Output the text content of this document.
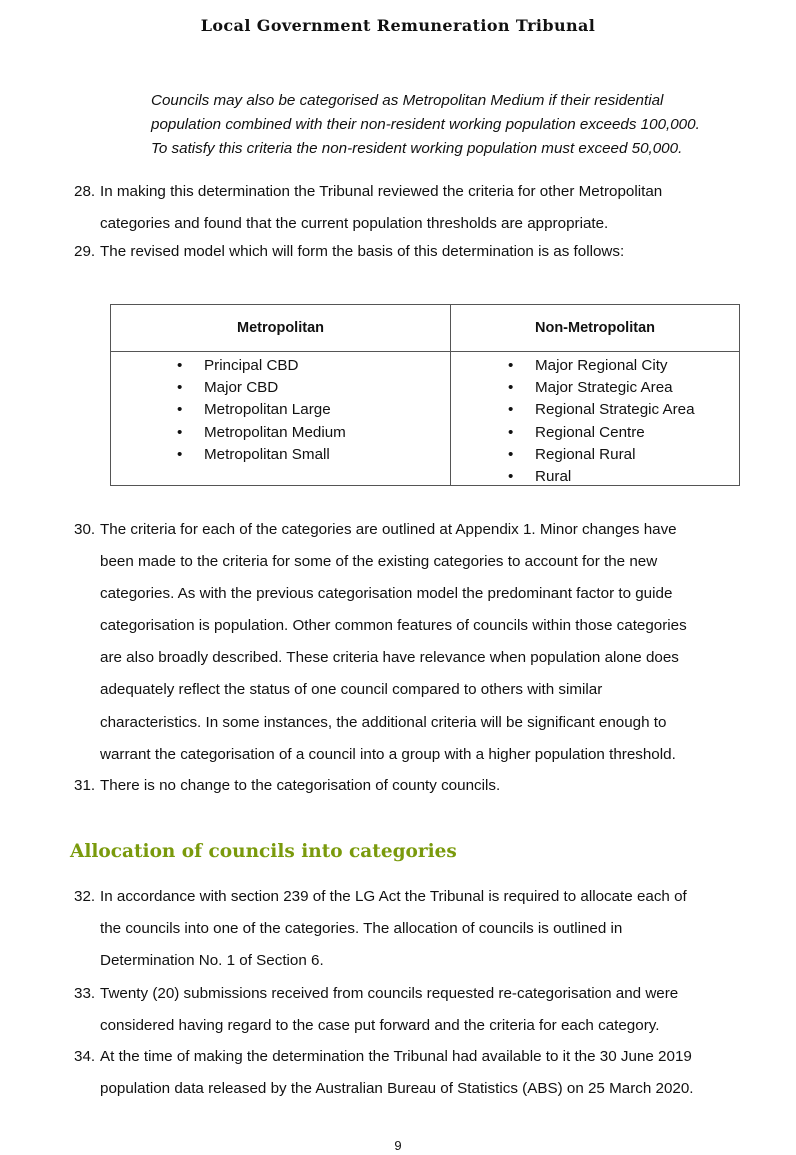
Local Government Remuneration Tribunal

Councils may also be categorised as Metropolitan Medium if their residential

population combined with their non-resident working population exceeds 100,000.

To satisfy this criteria the non-resident working population must exceed 50,000.

28. In making this determination the Tribunal reviewed the criteria for other Metropolitan
categories and found that the current population thresholds are appropriate.
29. The revised model which will form the basis of this determination is as follows:
Metropolitan	Non-Metropolitan
• Principal CBD
• Major CBD
• Metropolitan Large
• Metropolitan Medium
• Metropolitan Small
• Major Regional City
• Major Strategic Area
• Regional Strategic Area
• Regional Centre
• Regional Rural
• Rural
30. The criteria for each of the categories are outlined at Appendix 1. Minor changes have
been made to the criteria for some of the existing categories to account for the new
categories. As with the previous categorisation model the predominant factor to guide
categorisation is population. Other common features of councils within those categories
are also broadly described. These criteria have relevance when population alone does
adequately reflect the status of one council compared to others with similar
characteristics. In some instances, the additional criteria will be significant enough to
warrant the categorisation of a council into a group with a higher population threshold.
31. There is no change to the categorisation of county councils.
Allocation of councils into categories
32. In accordance with section 239 of the LG Act the Tribunal is required to allocate each of
the councils into one of the categories. The allocation of councils is outlined in
Determination No. 1 of Section 6.
33. Twenty (20) submissions received from councils requested re-categorisation and were
considered having regard to the case put forward and the criteria for each category.
34. At the time of making the determination the Tribunal had available to it the 30 June 2019
population data released by the Australian Bureau of Statistics (ABS) on 25 March 2020.
9
